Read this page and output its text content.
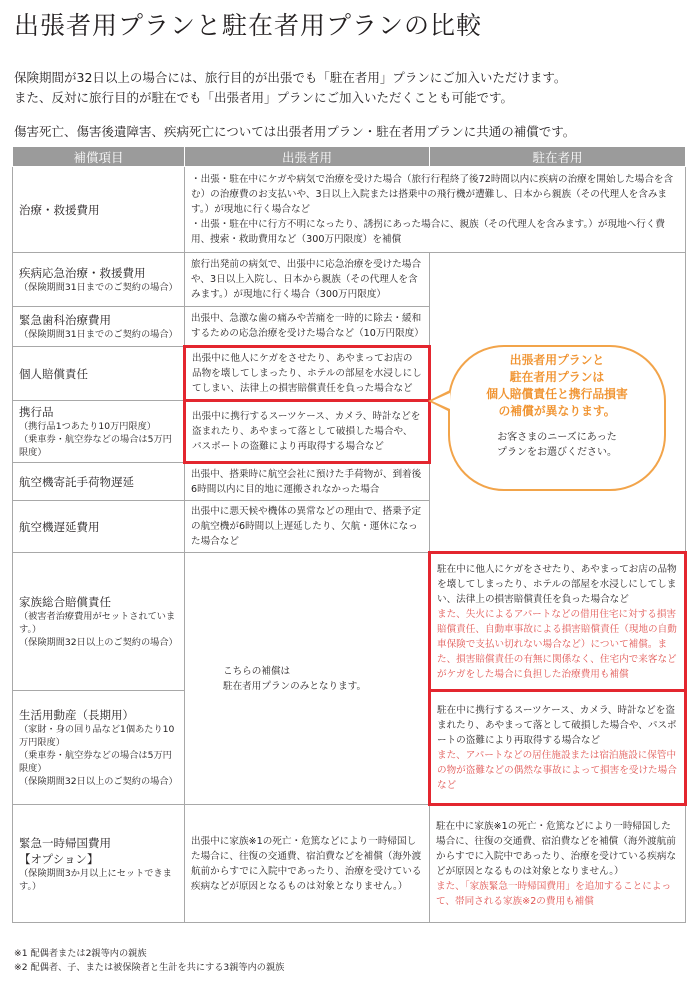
出張者用プランと駐在者用プランの比較
保険期間が32日以上の場合には、旅行目的が出張でも「駐在者用」プランにご加入いただけます。
また、反対に旅行目的が駐在でも「出張者用」プランにご加入いただくことも可能です。
傷害死亡、傷害後遺障害、疾病死亡については出張者用プラン・駐在者用プランに共通の補償です。
補償項目	出張者用	駐在者用

治療・救援費用	・出張・駐在中にケガや病気で治療を受けた場合（旅行行程終了後72時間以内に疾病の治療を開始した場合を含む）の治療費のお支払いや、3日以上入院または搭乗中の飛行機が遭難し、日本から親族（その代理人を含みます。）が現地に行く場合など
・出張・駐在中に行方不明になったり、誘拐にあった場合に、親族（その代理人を含みます。）が現地へ行く費用、捜索・救助費用など（300万円限度）を補償	

疾病応急治療・救援費用
（保険期間31日までのご契約の場合）	旅行出発前の病気で、出張中に応急治療を受けた場合や、3日以上入院し、日本から親族（その代理人を含みます。）が現地に行く場合（300万円限度）	

緊急歯科治療費用
（保険期間31日までのご契約の場合）	出張中、急激な歯の痛みや苦痛を一時的に除去・緩和するための応急治療を受けた場合など（10万円限度）	

個人賠償責任	出張中に他人にケガをさせたり、あやまってお店の品物を壊してしまったり、ホテルの部屋を水浸しにしてしまい、法律上の損害賠償責任を負った場合など	

携行品
（携行品1つあたり10万円限度）
（乗車券・航空券などの場合は5万円限度）	出張中に携行するスーツケース、カメラ、時計などを盗まれたり、あやまって落として破損した場合や、パスポートの盗難により再取得する場合など	

航空機寄託手荷物遅延	出張中、搭乗時に航空会社に預けた手荷物が、到着後6時間以内に目的地に運搬されなかった場合	

航空機遅延費用	出張中に悪天候や機体の異常などの理由で、搭乗予定の航空機が6時間以上遅延したり、欠航・運休になった場合など	

家族総合賠償責任
（被害者治療費用がセットされています。）
（保険期間32日以上のご契約の場合）	こちらの補償は
駐在者用プランのみとなります。	駐在中に他人にケガをさせたり、あやまってお店の品物を壊してしまったり、ホテルの部屋を水浸しにしてしまい、法律上の損害賠償責任を負った場合など
また、失火によるアパートなどの借用住宅に対する損害賠償責任、自動車事故による損害賠償責任（現地の自動車保険で支払い切れない場合など）について補償。また、損害賠償責任の有無に関係なく、住宅内で来客などがケガをした場合に負担した治療費用も補償

生活用動産（長期用）
（家財・身の回り品など1個あたり10万円限度）
（乗車券・航空券などの場合は5万円限度）
（保険期間32日以上のご契約の場合）		駐在中に携行するスーツケース、カメラ、時計などを盗まれたり、あやまって落として破損した場合や、パスポートの盗難により再取得する場合など
また、アパートなどの居住施設または宿泊施設に保管中の物が盗難などの偶然な事故によって損害を受けた場合など

緊急一時帰国費用
【オプション】
（保険期間3か月以上にセットできます。）	出張中に家族※1の死亡・危篤などにより一時帰国した場合に、往復の交通費、宿泊費などを補償（海外渡航前からすでに入院中であったり、治療を受けている疾病などが原因となるものは対象となりません。）	駐在中に家族※1の死亡・危篤などにより一時帰国した場合に、往復の交通費、宿泊費などを補償（海外渡航前からすでに入院中であったり、治療を受けている疾病などが原因となるものは対象となりません。）
また、「家族緊急一時帰国費用」を追加することによって、帯同される家族※2の費用も補償
出張者用プランと
駐在者用プランは
個人賠償責任と携行品損害
の補償が異なります。
お客さまのニーズにあった
プランをお選びください。
※1 配偶者または2親等内の親族
※2 配偶者、子、または被保険者と生計を共にする3親等内の親族
